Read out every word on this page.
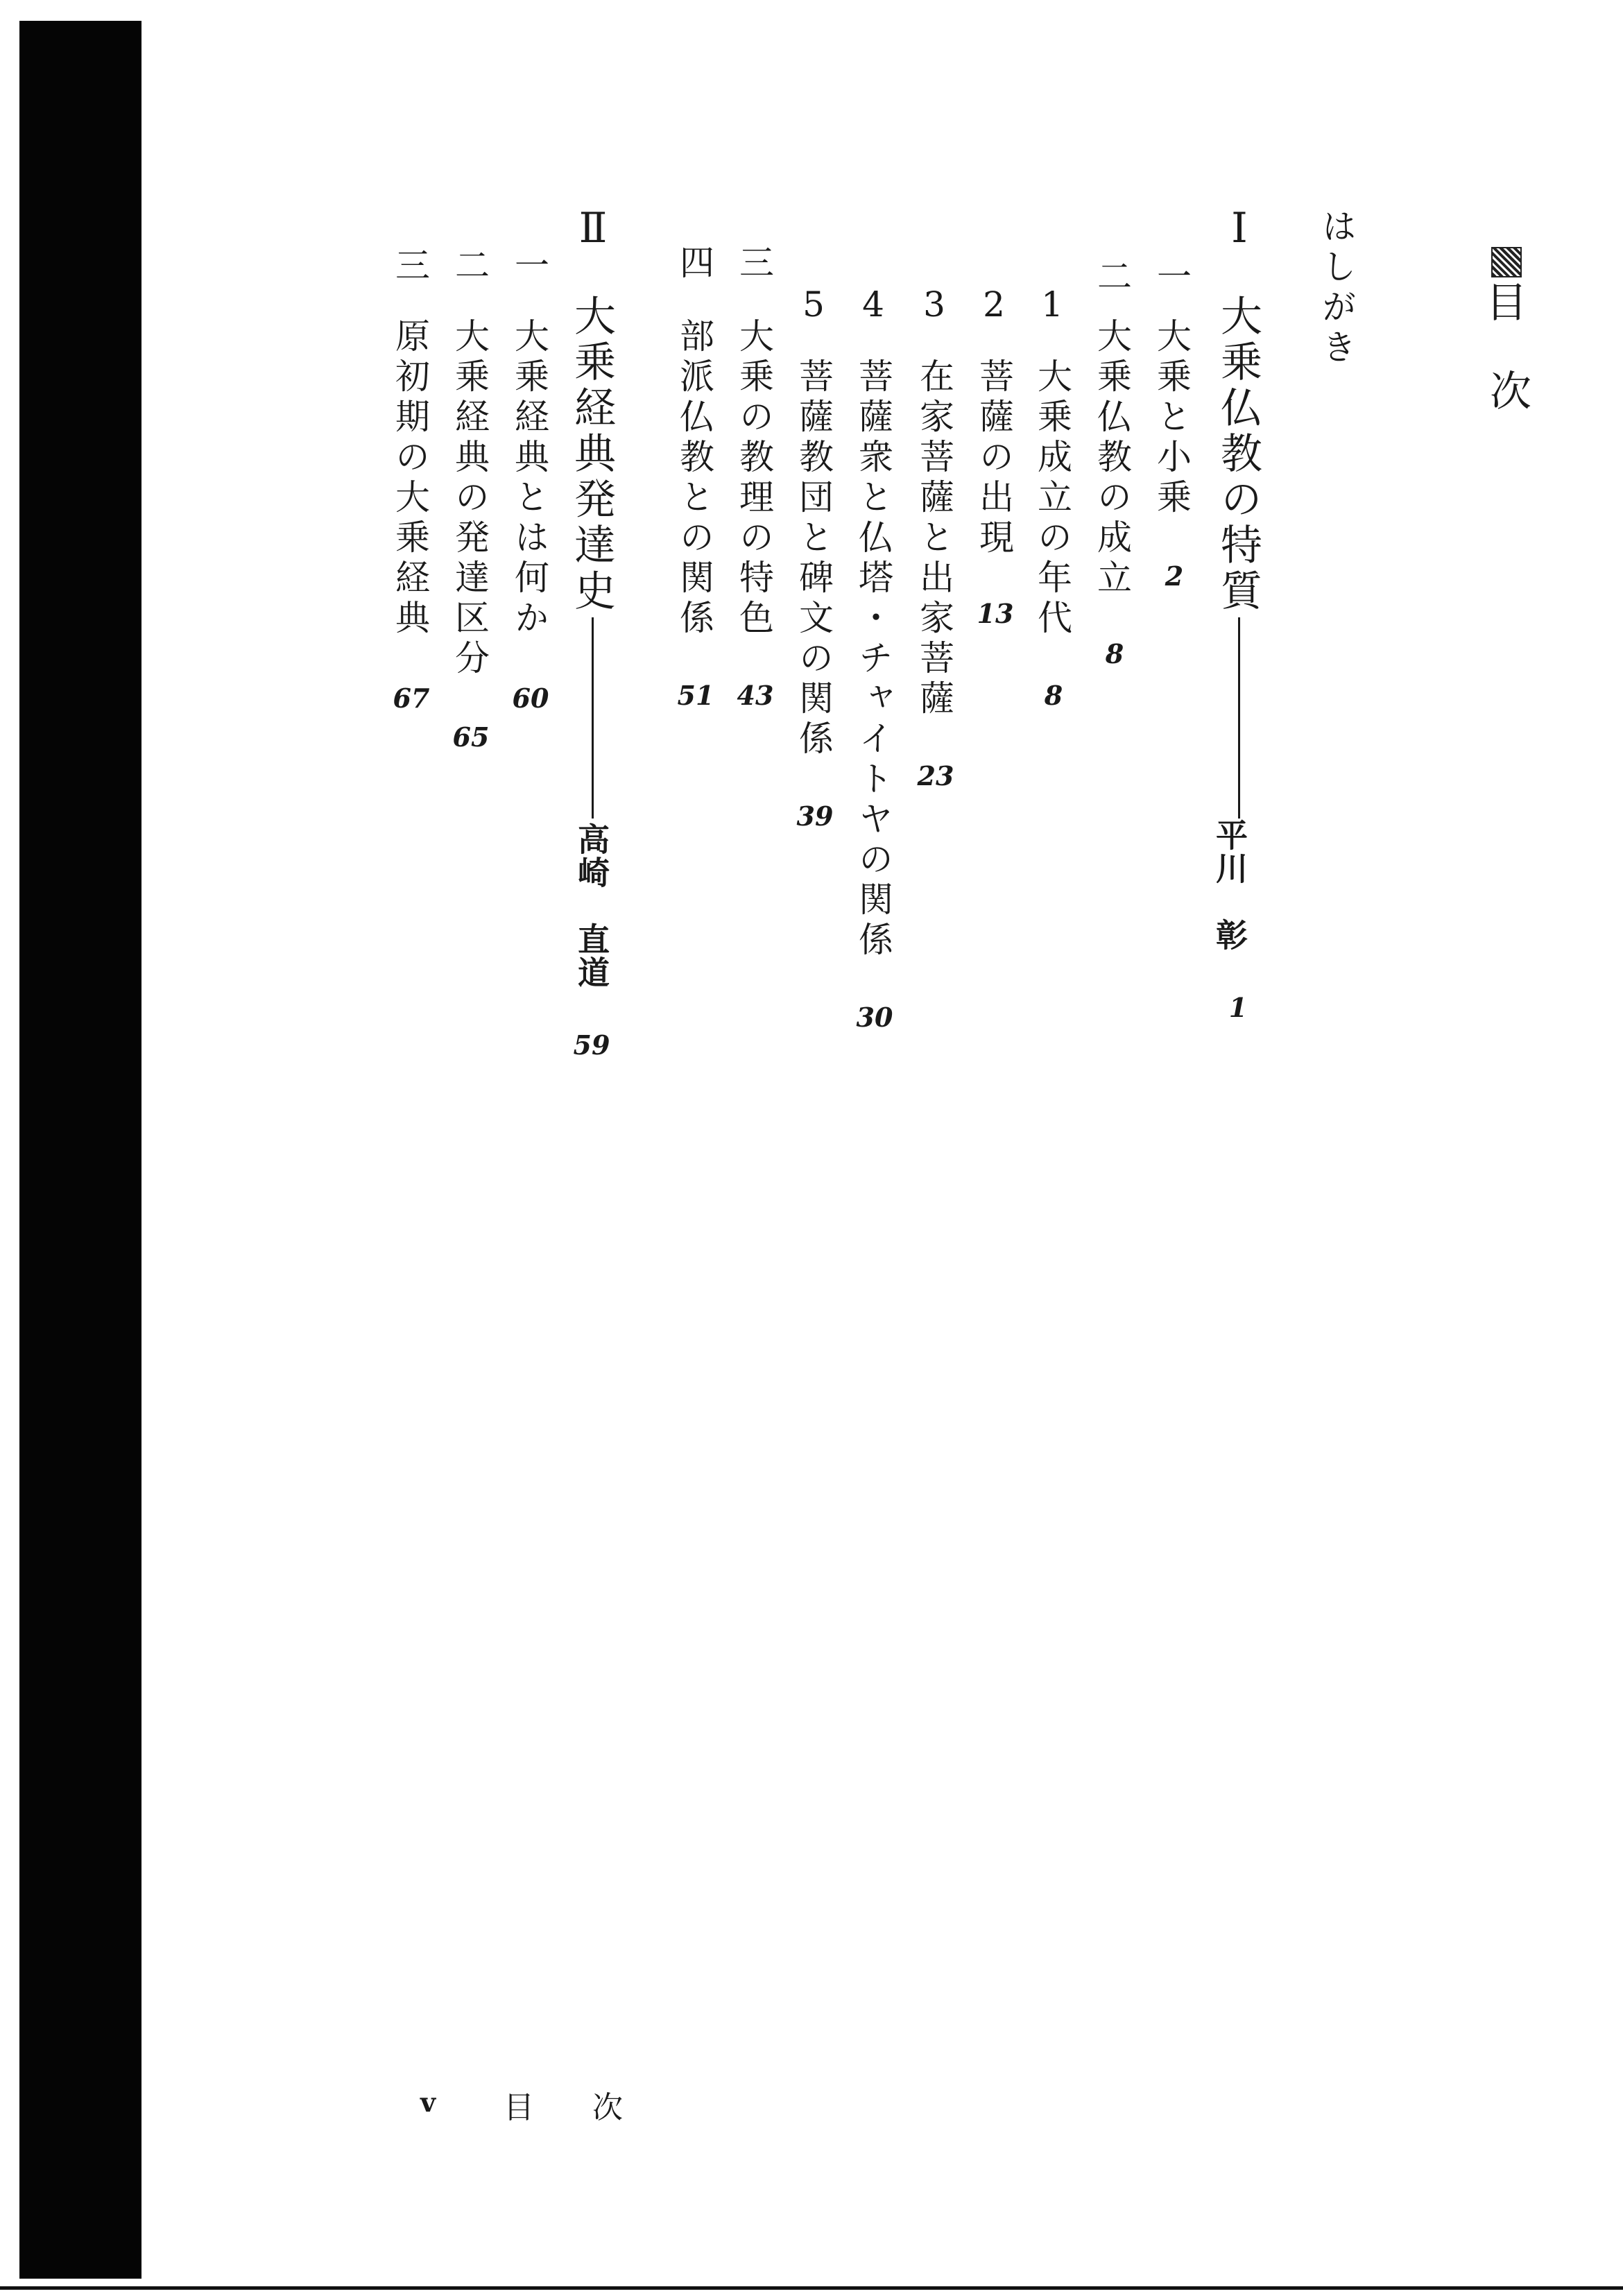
目
次
はしがき
Ⅰ
大乗仏教の特質
平川　彰
1
一
大乗と小乗
2
二
大乗仏教の成立
8
1
大乗成立の年代
8
2
菩薩の出現
13
3
在家菩薩と出家菩薩
23
4
菩薩衆と仏塔・チャイトヤの関係
30
5
菩薩教団と碑文の関係
39
三
大乗の教理の特色
43
四
部派仏教との関係
51
Ⅱ
大乗経典発達史
高崎　直道
59
一
大乗経典とは何か
60
二
大乗経典の発達区分
65
三
原初期の大乗経典
67
v 目 次
